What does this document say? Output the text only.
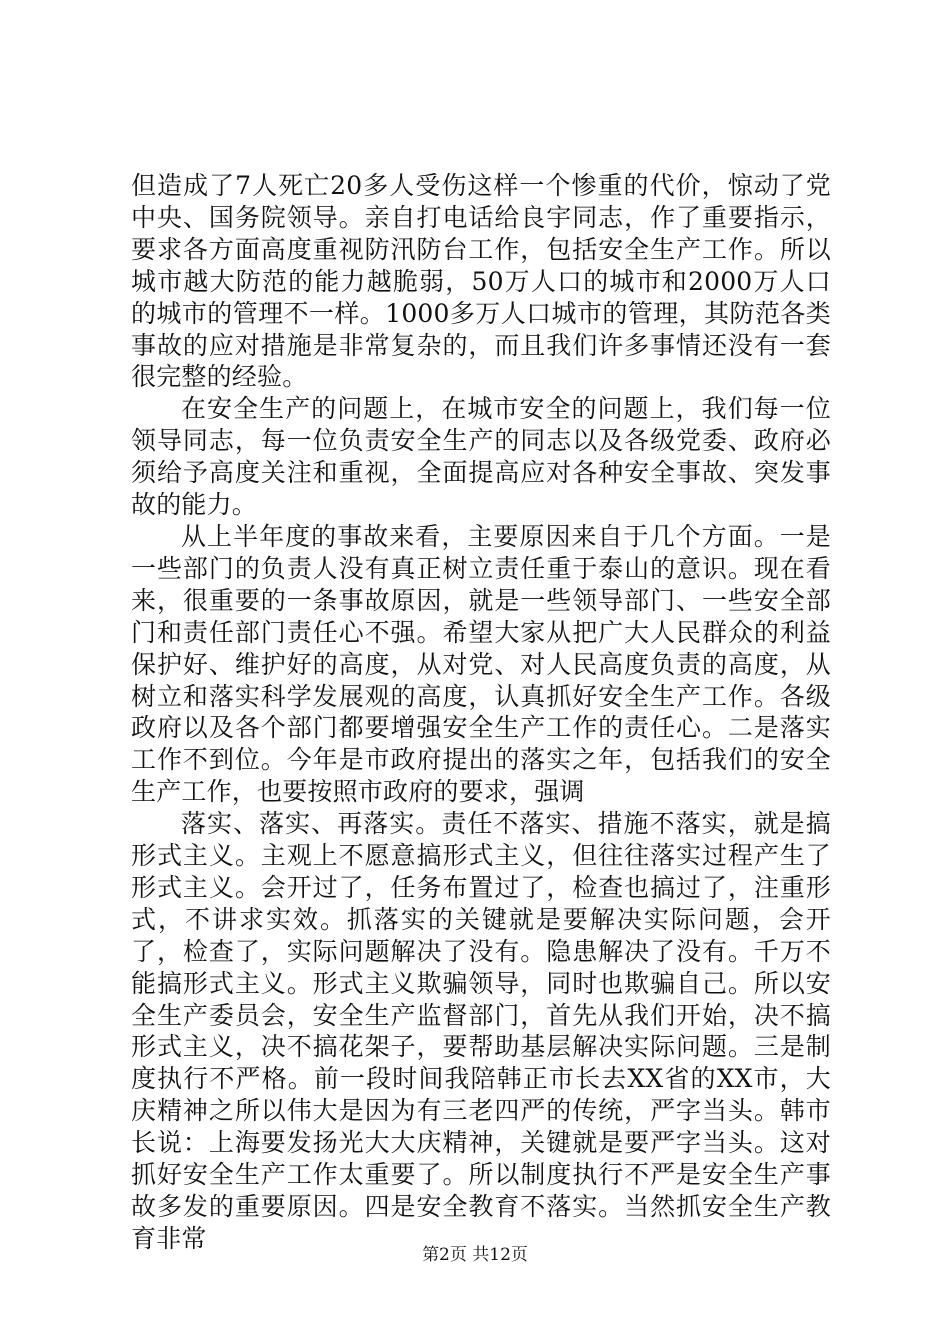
但造成了7人死亡20多人受伤这样一个惨重的代价，惊动了党中央、国务院领导。亲自打电话给良宇同志，作了重要指示，要求各方面高度重视防汛防台工作，包括安全生产工作。所以城市越大防范的能力越脆弱，50万人口的城市和2000万人口的城市的管理不一样。1000多万人口城市的管理，其防范各类事故的应对措施是非常复杂的，而且我们许多事情还没有一套很完整的经验。

在安全生产的问题上，在城市安全的问题上，我们每一位领导同志，每一位负责安全生产的同志以及各级党委、政府必须给予高度关注和重视，全面提高应对各种安全事故、突发事故的能力。

从上半年度的事故来看，主要原因来自于几个方面。一是一些部门的负责人没有真正树立责任重于泰山的意识。现在看来，很重要的一条事故原因，就是一些领导部门、一些安全部门和责任部门责任心不强。希望大家从把广大人民群众的利益保护好、维护好的高度，从对党、对人民高度负责的高度，从树立和落实科学发展观的高度，认真抓好安全生产工作。各级政府以及各个部门都要增强安全生产工作的责任心。二是落实工作不到位。今年是市政府提出的落实之年，包括我们的安全生产工作，也要按照市政府的要求，强调

落实、落实、再落实。责任不落实、措施不落实，就是搞形式主义。主观上不愿意搞形式主义，但往往落实过程产生了形式主义。会开过了，任务布置过了，检查也搞过了，注重形式，不讲求实效。抓落实的关键就是要解决实际问题，会开了，检查了，实际问题解决了没有。隐患解决了没有。千万不能搞形式主义。形式主义欺骗领导，同时也欺骗自己。所以安全生产委员会，安全生产监督部门，首先从我们开始，决不搞形式主义，决不搞花架子，要帮助基层解决实际问题。三是制度执行不严格。前一段时间我陪韩正市长去XX省的XX市，大庆精神之所以伟大是因为有三老四严的传统，严字当头。韩市长说：上海要发扬光大大庆精神，关键就是要严字当头。这对抓好安全生产工作太重要了。所以制度执行不严是安全生产事故多发的重要原因。四是安全教育不落实。当然抓安全生产教育非常

第2页 共12页
